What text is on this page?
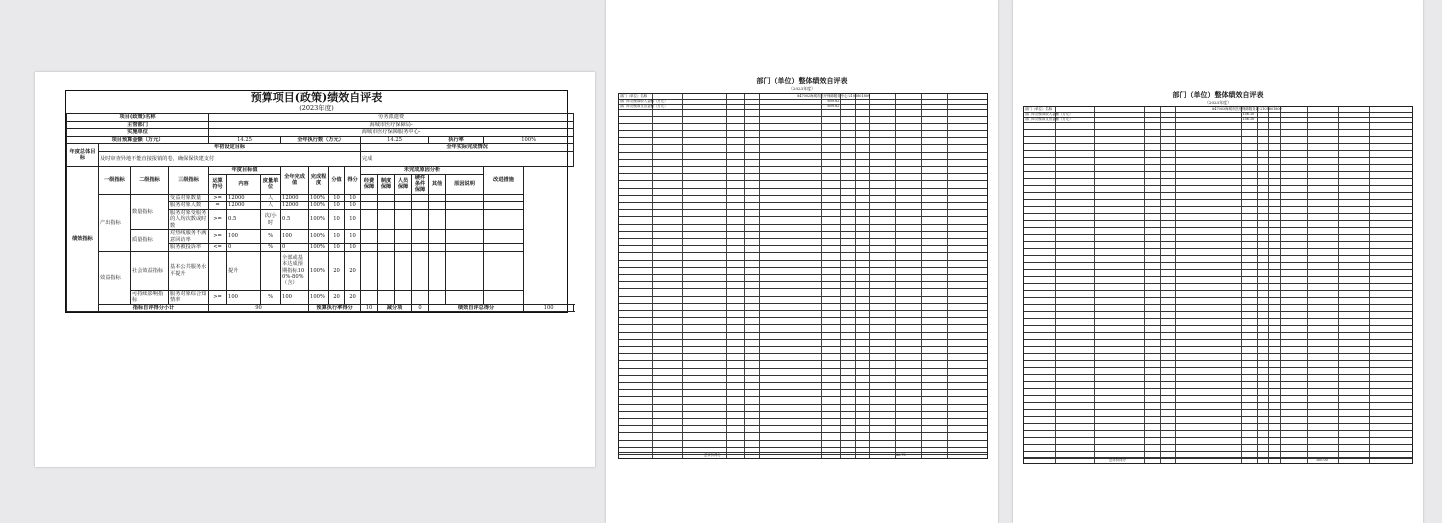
预算项目(政策)绩效自评表
(2023年度)
项目(政策)名称				劳务派遣费														
主管部门				海城市医疗保障局-														
实施单位				海城市医疗保障服务中心-														
项目预算金额（万元）				14.25			全年执行数（万元）				14.25				执行率		100%	
年度总体目标	年初设定目标										全年实际完成情况							
	及时审查异地不能直接报销的卷，确保保快建支付										完成							
绩效指标	一级指标	二级指标	三级指标	年度目标值			全年完成值	完成程度	分值	得分	未完成原因分析						改进措施	
				运算符号	内容	度量单位					经费保障	制度保障	人员保障	硬件条件保障	其他	原因说明		
	产出指标	数量指标	受益对象数量	>=	12000	人	12000	100%	10	10								
			服务对象人数	=	12000	人	12000	100%	10	10								
			服务对象受服务的人均次数或时数	>=	0.5	次/小时	0.5	100%	10	10								
		质量指标	对热线服务不满意回访率	>=	100	%	100	100%	10	10								
			服务被投诉率	<=	0	%	0	100%	10	10								
	效益指标	社会效益指标	基本公共服务水平提升		提升		全部或基本达成预期指标100%-80%（含）	100%	20	20								
		可持续影响指标	服务对象综合知情率	>=	100	%	100	100%	20	20								
	指标自评得分小计			90				预算执行率得分			10	减分项		0	绩效自评总得分			100
部门（单位）整体绩效自评表
（2023年度）
部门（单位）名称	847002海城市医疗保障服务中心-2105801809
部门年初预算收入金额（万元）	609.82
部门年初预算支出金额（万元）	609.82
总评价得分	86.70
部门（单位）整体绩效自评表
（2023年度）
部门（单位）名称	847003海城市医疗保障服务局-2105801809
部门年初预算收入金额（万元）	156.10
部门年初预算支出金额（万元）	156.10
总评价得分	100.00
